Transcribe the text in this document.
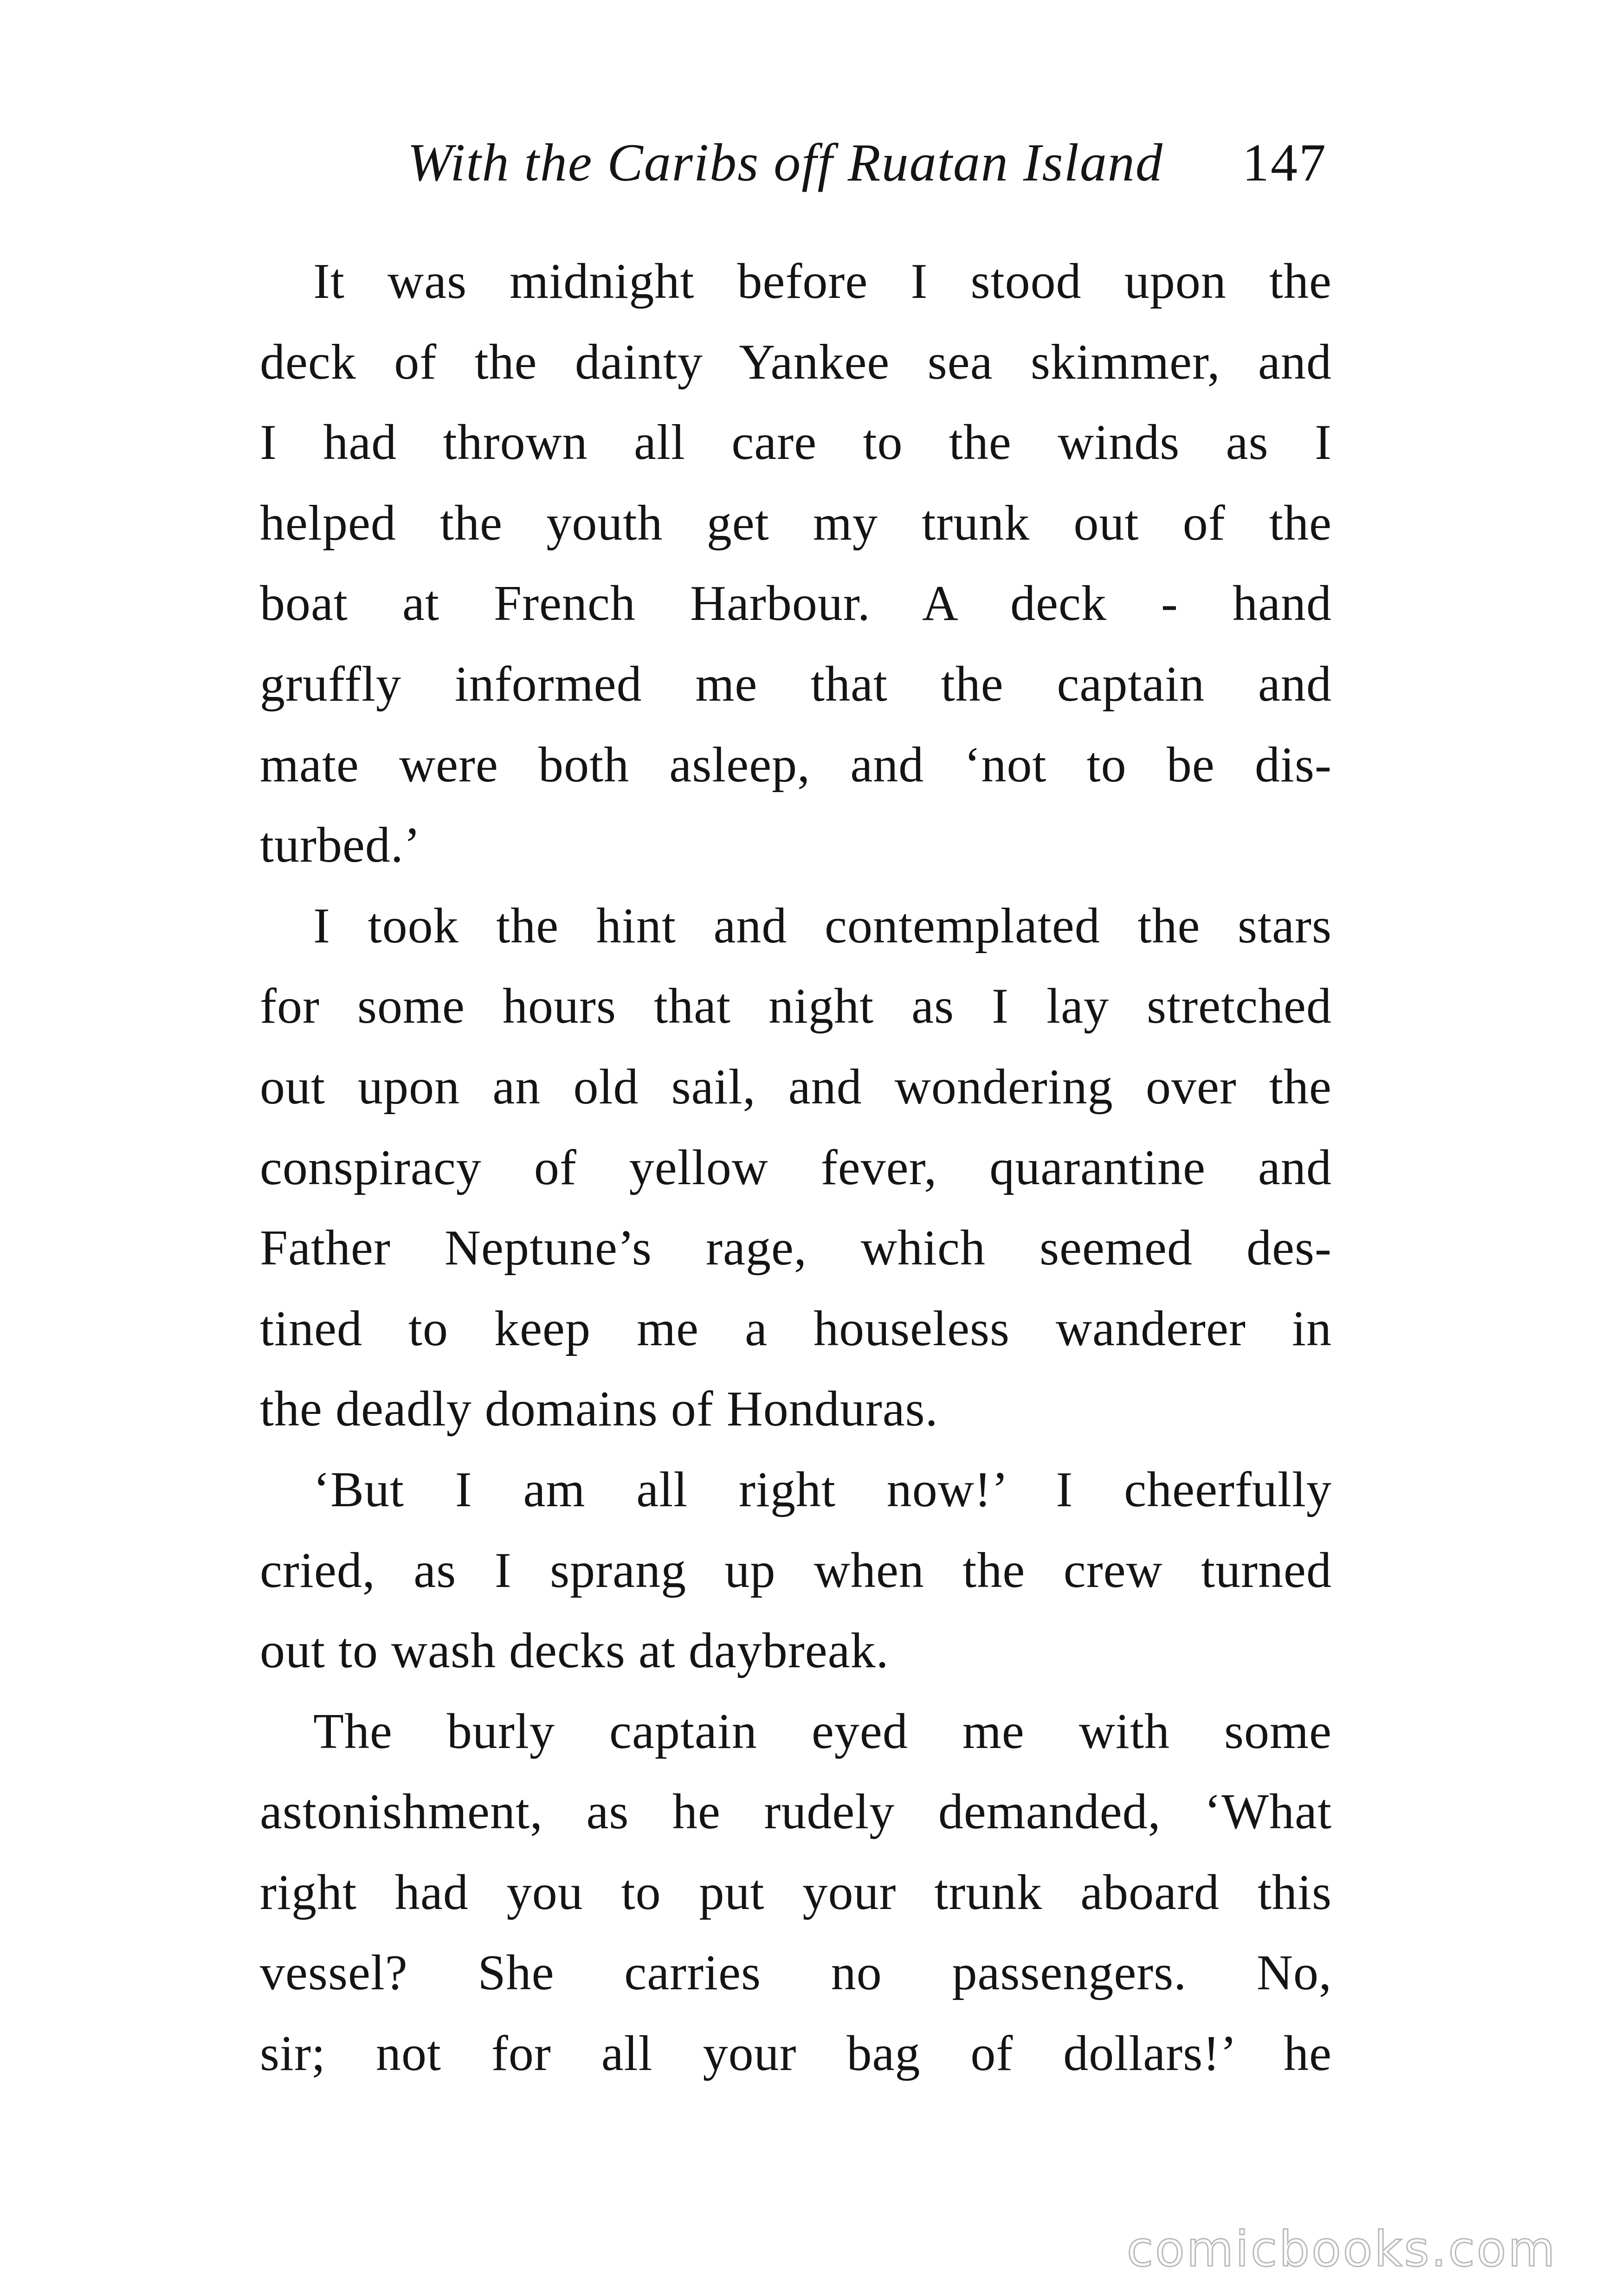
With the Caribs off Ruatan Island 147
It was midnight before I stood upon the
deck of the dainty Yankee sea skimmer, and
I had thrown all care to the winds as I
helped the youth get my trunk out of the
boat at French Harbour. A deck - hand
gruffly informed me that the captain and
mate were both asleep, and ‘not to be dis-
turbed.’
I took the hint and contemplated the stars
for some hours that night as I lay stretched
out upon an old sail, and wondering over the
conspiracy of yellow fever, quarantine and
Father Neptune’s rage, which seemed des-
tined to keep me a houseless wanderer in
the deadly domains of Honduras.
‘But I am all right now!’ I cheerfully
cried, as I sprang up when the crew turned
out to wash decks at daybreak.
The burly captain eyed me with some
astonishment, as he rudely demanded, ‘What
right had you to put your trunk aboard this
vessel? She carries no passengers. No,
sir; not for all your bag of dollars!’ he
comicbooks.com
